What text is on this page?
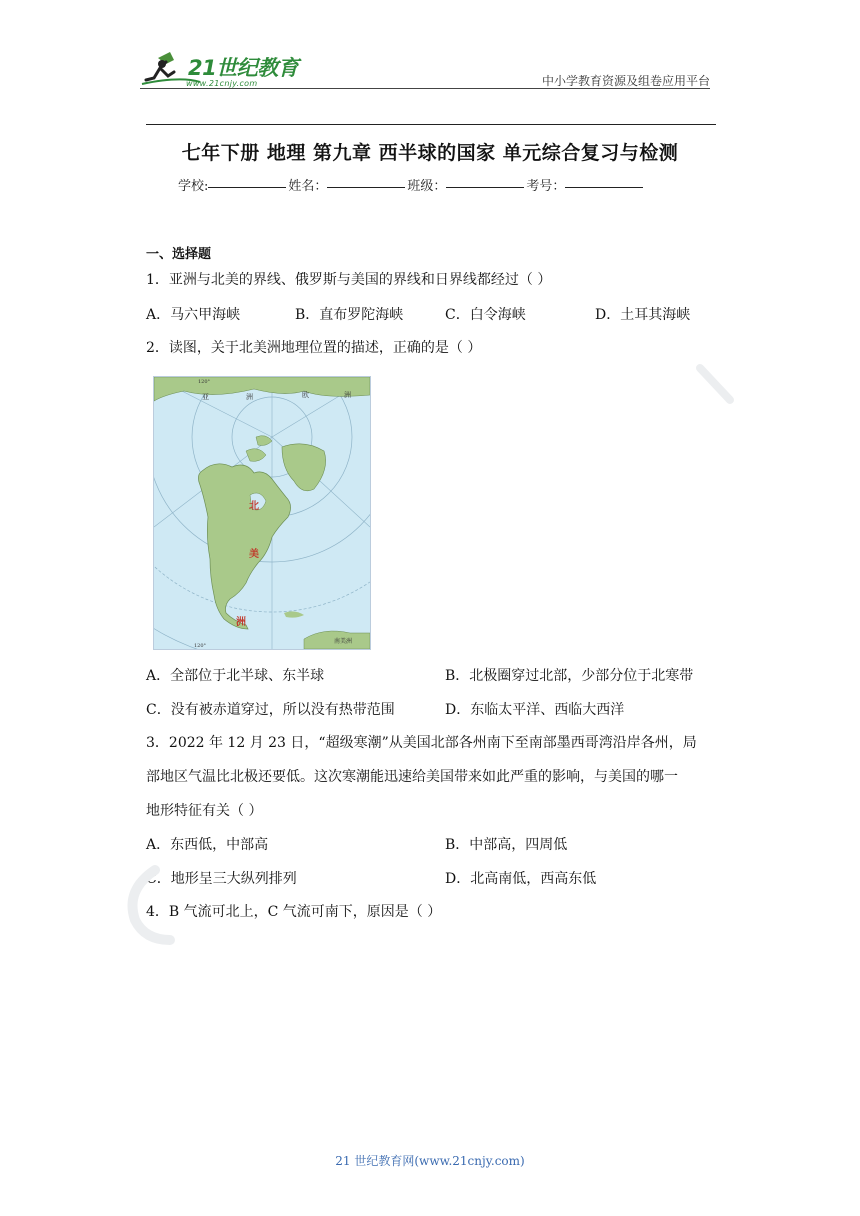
21世纪教育
www.21cnjy.com	中小学教育资源及组卷应用平台
七年下册 地理 第九章 西半球的国家 单元综合复习与检测
学校:	姓名：	班级：	考号：
一、选择题
1．亚洲与北美的界线、俄罗斯与美国的界线和日界线都经过（ ）
A．马六甲海峡	B．直布罗陀海峡	C．白令海峡	D．土耳其海峡
2．读图，关于北美洲地理位置的描述，正确的是（ ）
亚	洲	欧	洲
北
美
洲
南美洲
120°
120°
A．全部位于北半球、东半球	B．北极圈穿过北部，少部分位于北寒带
C．没有被赤道穿过，所以没有热带范围	D．东临太平洋、西临大西洋
3．2022 年 12 月 23 日，“超级寒潮”从美国北部各州南下至南部墨西哥湾沿岸各州，局
部地区气温比北极还要低。这次寒潮能迅速给美国带来如此严重的影响，与美国的哪一
地形特征有关（ ）
A．东西低，中部高	B．中部高，四周低
C．地形呈三大纵列排列	D．北高南低，西高东低
4．B 气流可北上，C 气流可南下，原因是（ ）
21 世纪教育网(www.21cnjy.com)
